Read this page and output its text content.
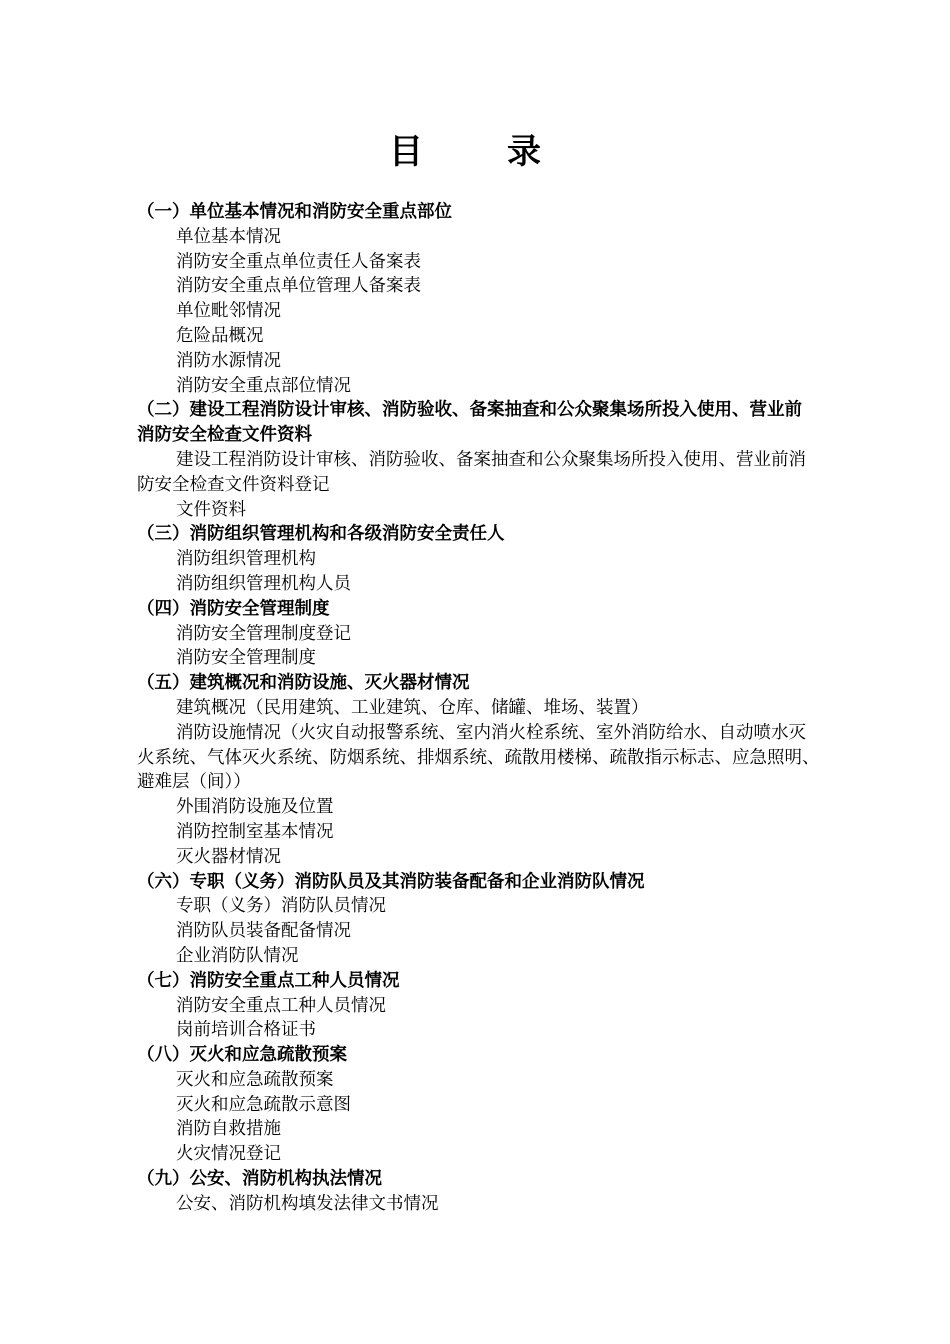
目录
（一）单位基本情况和消防安全重点部位
单位基本情况
消防安全重点单位责任人备案表
消防安全重点单位管理人备案表
单位毗邻情况
危险品概况
消防水源情况
消防安全重点部位情况
（二）建设工程消防设计审核、消防验收、备案抽查和公众聚集场所投入使用、营业前
消防安全检查文件资料
建设工程消防设计审核、消防验收、备案抽查和公众聚集场所投入使用、营业前消
防安全检查文件资料登记
文件资料
（三）消防组织管理机构和各级消防安全责任人
消防组织管理机构
消防组织管理机构人员
（四）消防安全管理制度
消防安全管理制度登记
消防安全管理制度
（五）建筑概况和消防设施、灭火器材情况
建筑概况（民用建筑、工业建筑、仓库、储罐、堆场、装置）
消防设施情况（火灾自动报警系统、室内消火栓系统、室外消防给水、自动喷水灭
火系统、气体灭火系统、防烟系统、排烟系统、疏散用楼梯、疏散指示标志、应急照明、
避难层（间））
外围消防设施及位置
消防控制室基本情况
灭火器材情况
（六）专职（义务）消防队员及其消防装备配备和企业消防队情况
专职（义务）消防队员情况
消防队员装备配备情况
企业消防队情况
（七）消防安全重点工种人员情况
消防安全重点工种人员情况
岗前培训合格证书
（八）灭火和应急疏散预案
灭火和应急疏散预案
灭火和应急疏散示意图
消防自救措施
火灾情况登记
（九）公安、消防机构执法情况
公安、消防机构填发法律文书情况
